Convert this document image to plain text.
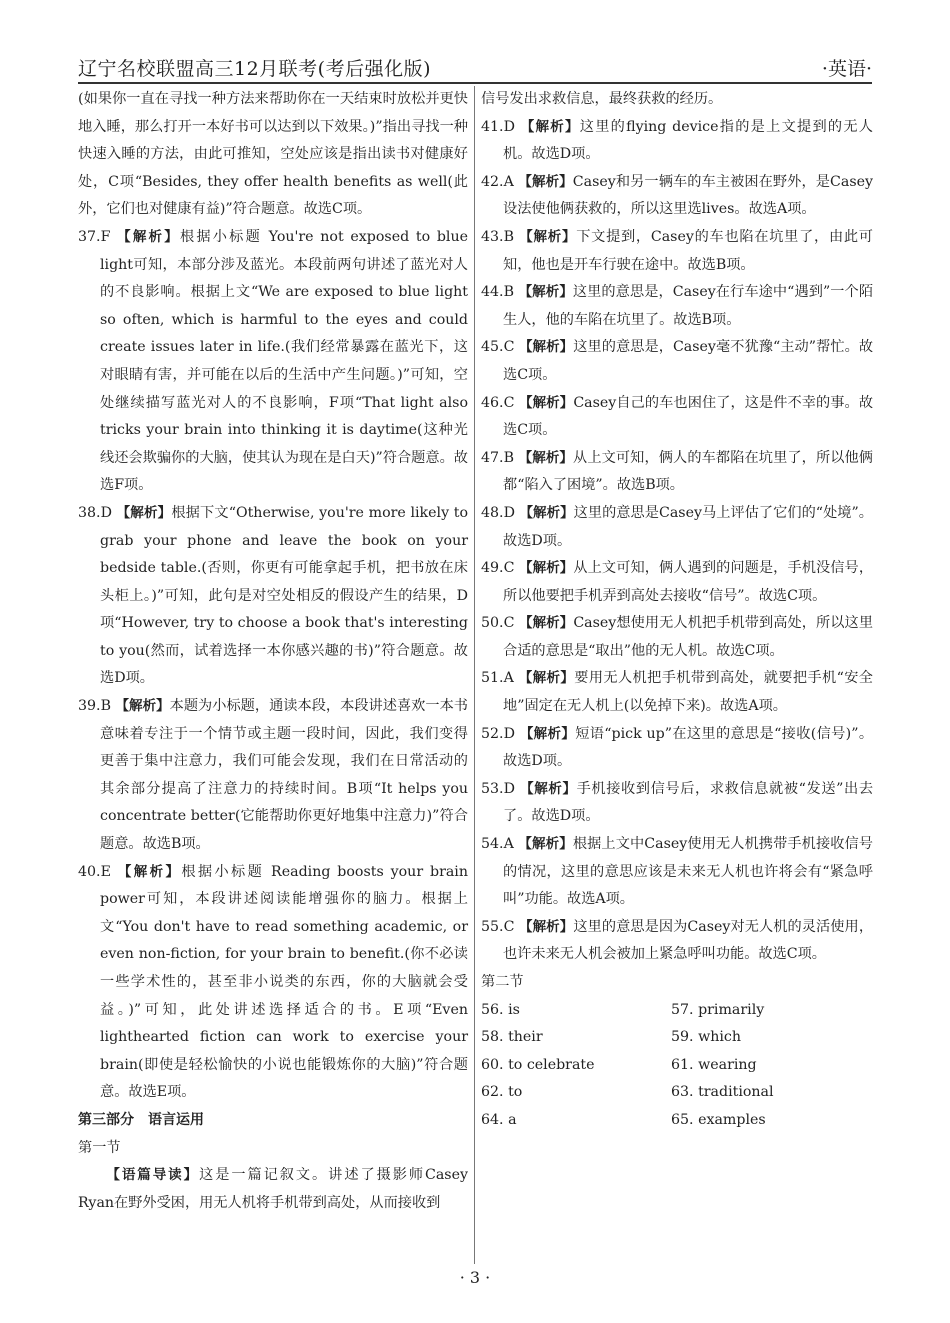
辽宁名校联盟高三12月联考(考后强化版)	·英语·
(如果你一直在寻找一种方法来帮助你在一天结束时放松并更快地入睡，那么打开一本好书可以达到以下效果。)”指出寻找一种快速入睡的方法，由此可推知，空处应该是指出读书对健康好处，C项“Besides, they offer health benefits as well(此外，它们也对健康有益)”符合题意。故选C项。
37.F 【解析】根据小标题 You're not exposed to blue light可知，本部分涉及蓝光。本段前两句讲述了蓝光对人的不良影响。根据上文“We are exposed to blue light so often, which is harmful to the eyes and could create issues later in life.(我们经常暴露在蓝光下，这对眼睛有害，并可能在以后的生活中产生问题。)”可知，空处继续描写蓝光对人的不良影响，F项“That light also tricks your brain into thinking it is daytime(这种光线还会欺骗你的大脑，使其认为现在是白天)”符合题意。故选F项。
38.D 【解析】根据下文“Otherwise, you're more likely to grab your phone and leave the book on your bedside table.(否则，你更有可能拿起手机，把书放在床头柜上。)”可知，此句是对空处相反的假设产生的结果，D项“However, try to choose a book that's interesting to you(然而，试着选择一本你感兴趣的书)”符合题意。故选D项。
39.B 【解析】本题为小标题，通读本段，本段讲述喜欢一本书意味着专注于一个情节或主题一段时间，因此，我们变得更善于集中注意力，我们可能会发现，我们在日常活动的其余部分提高了注意力的持续时间。B项“It helps you concentrate better(它能帮助你更好地集中注意力)”符合题意。故选B项。
40.E 【解析】根据小标题 Reading boosts your brain power可知，本段讲述阅读能增强你的脑力。根据上文“You don't have to read something academic, or even non-fiction, for your brain to benefit.(你不必读一些学术性的，甚至非小说类的东西，你的大脑就会受益。)”可知，此处讲述选择适合的书。E项“Even lighthearted fiction can work to exercise your brain(即使是轻松愉快的小说也能锻炼你的大脑)”符合题意。故选E项。
第三部分　语言运用
第一节
【语篇导读】这是一篇记叙文。讲述了摄影师Casey Ryan在野外受困，用无人机将手机带到高处，从而接收到
信号发出求救信息，最终获救的经历。
41.D 【解析】这里的flying device指的是上文提到的无人机。故选D项。
42.A 【解析】Casey和另一辆车的车主被困在野外，是Casey设法使他俩获救的，所以这里选lives。故选A项。
43.B 【解析】下文提到，Casey的车也陷在坑里了，由此可知，他也是开车行驶在途中。故选B项。
44.B 【解析】这里的意思是，Casey在行车途中“遇到”一个陌生人，他的车陷在坑里了。故选B项。
45.C 【解析】这里的意思是，Casey毫不犹豫“主动”帮忙。故选C项。
46.C 【解析】Casey自己的车也困住了，这是件不幸的事。故选C项。
47.B 【解析】从上文可知，俩人的车都陷在坑里了，所以他俩都“陷入了困境”。故选B项。
48.D 【解析】这里的意思是Casey马上评估了它们的“处境”。故选D项。
49.C 【解析】从上文可知，俩人遇到的问题是，手机没信号，所以他要把手机弄到高处去接收“信号”。故选C项。
50.C 【解析】Casey想使用无人机把手机带到高处，所以这里合适的意思是“取出”他的无人机。故选C项。
51.A 【解析】要用无人机把手机带到高处，就要把手机“安全地”固定在无人机上(以免掉下来)。故选A项。
52.D 【解析】短语“pick up”在这里的意思是“接收(信号)”。故选D项。
53.D 【解析】手机接收到信号后，求救信息就被“发送”出去了。故选D项。
54.A 【解析】根据上文中Casey使用无人机携带手机接收信号的情况，这里的意思应该是未来无人机也许将会有“紧急呼叫”功能。故选A项。
55.C 【解析】这里的意思是因为Casey对无人机的灵活使用，也许未来无人机会被加上紧急呼叫功能。故选C项。
第二节
56. is	57. primarily
58. their	59. which
60. to celebrate	61. wearing
62. to	63. traditional
64. a	65. examples
· 3 ·
